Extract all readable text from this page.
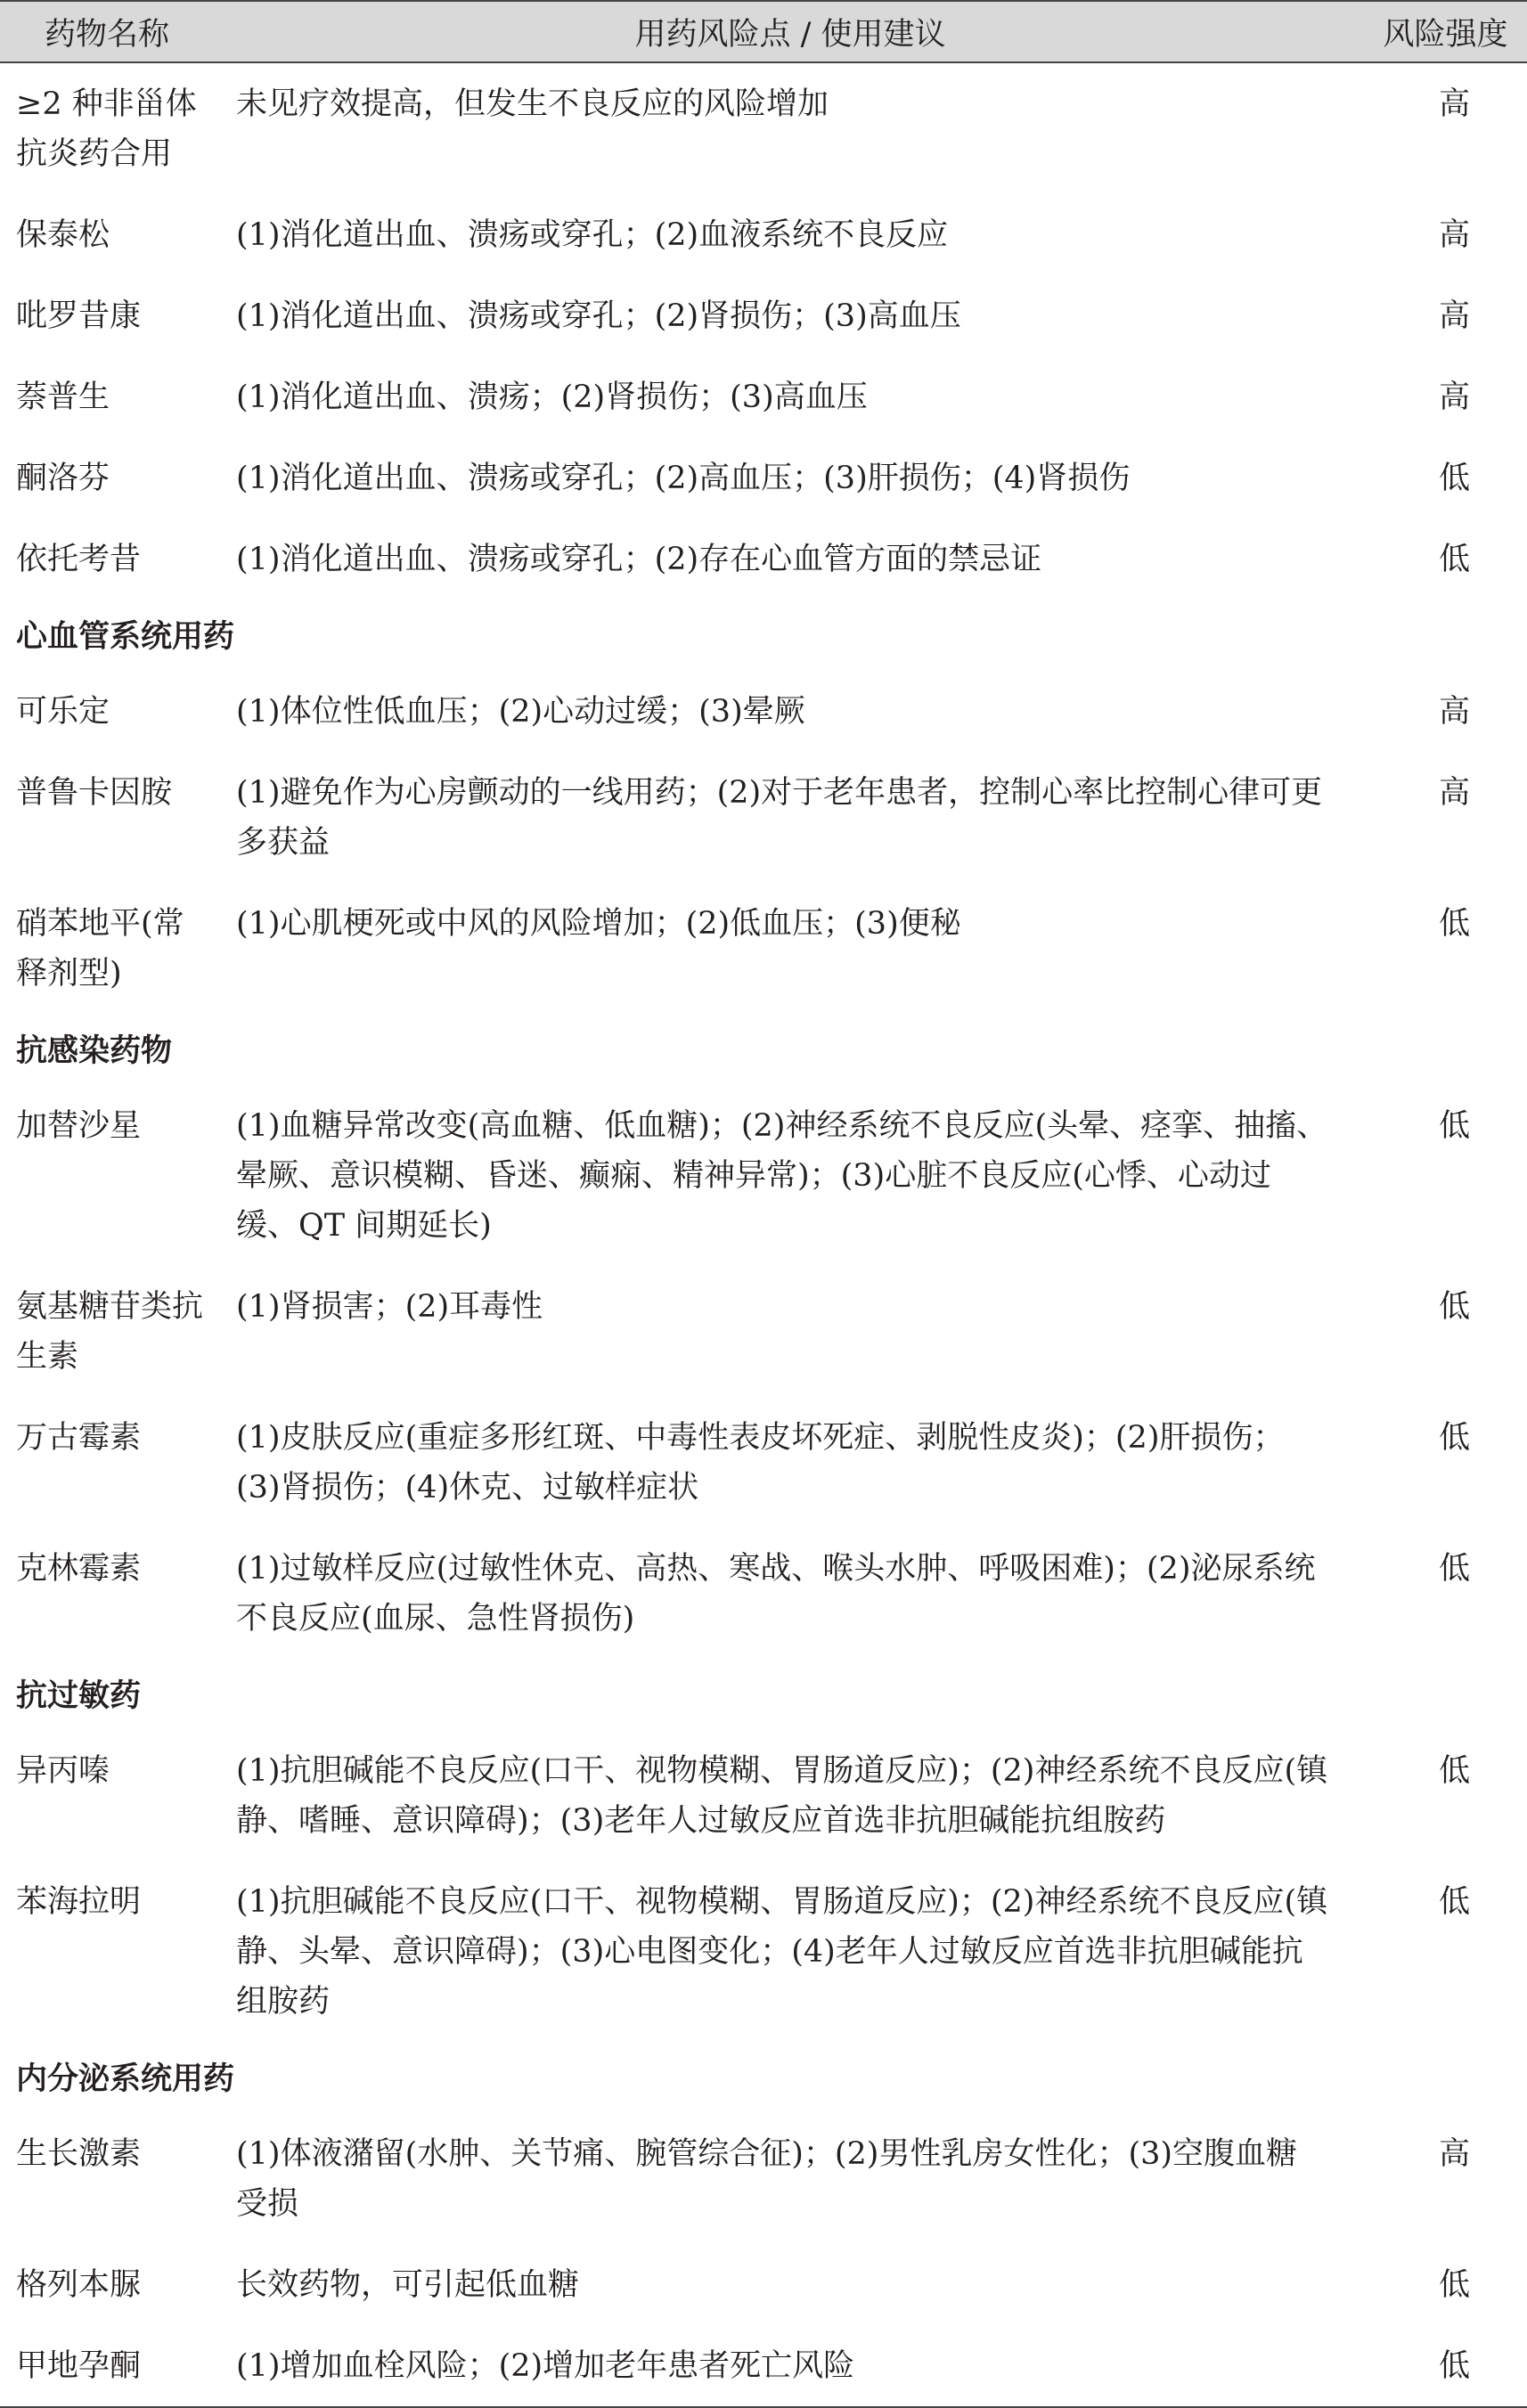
药物名称	用药风险点 / 使用建议	风险强度
≥2 种非甾体抗炎药合用	未见疗效提高，但发生不良反应的风险增加	高
保泰松	(1)消化道出血、溃疡或穿孔；(2)血液系统不良反应	高
吡罗昔康	(1)消化道出血、溃疡或穿孔；(2)肾损伤；(3)高血压	高
萘普生	(1)消化道出血、溃疡；(2)肾损伤；(3)高血压	高
酮洛芬	(1)消化道出血、溃疡或穿孔；(2)高血压；(3)肝损伤；(4)肾损伤	低
依托考昔	(1)消化道出血、溃疡或穿孔；(2)存在心血管方面的禁忌证	低
心血管系统用药		
可乐定	(1)体位性低血压；(2)心动过缓；(3)晕厥	高
普鲁卡因胺	(1)避免作为心房颤动的一线用药；(2)对于老年患者，控制心率比控制心律可更多获益	高
硝苯地平(常释剂型)	(1)心肌梗死或中风的风险增加；(2)低血压；(3)便秘	低
抗感染药物		
加替沙星	(1)血糖异常改变(高血糖、低血糖)；(2)神经系统不良反应(头晕、痉挛、抽搐、晕厥、意识模糊、昏迷、癫痫、精神异常)；(3)心脏不良反应(心悸、心动过缓、QT 间期延长)	低
氨基糖苷类抗生素	(1)肾损害；(2)耳毒性	低
万古霉素	(1)皮肤反应(重症多形红斑、中毒性表皮坏死症、剥脱性皮炎)；(2)肝损伤；(3)肾损伤；(4)休克、过敏样症状	低
克林霉素	(1)过敏样反应(过敏性休克、高热、寒战、喉头水肿、呼吸困难)；(2)泌尿系统不良反应(血尿、急性肾损伤)	低
抗过敏药		
异丙嗪	(1)抗胆碱能不良反应(口干、视物模糊、胃肠道反应)；(2)神经系统不良反应(镇静、嗜睡、意识障碍)；(3)老年人过敏反应首选非抗胆碱能抗组胺药	低
苯海拉明	(1)抗胆碱能不良反应(口干、视物模糊、胃肠道反应)；(2)神经系统不良反应(镇静、头晕、意识障碍)；(3)心电图变化；(4)老年人过敏反应首选非抗胆碱能抗组胺药	低
内分泌系统用药		
生长激素	(1)体液潴留(水肿、关节痛、腕管综合征)；(2)男性乳房女性化；(3)空腹血糖受损	高
格列本脲	长效药物，可引起低血糖	低
甲地孕酮	(1)增加血栓风险；(2)增加老年患者死亡风险	低
